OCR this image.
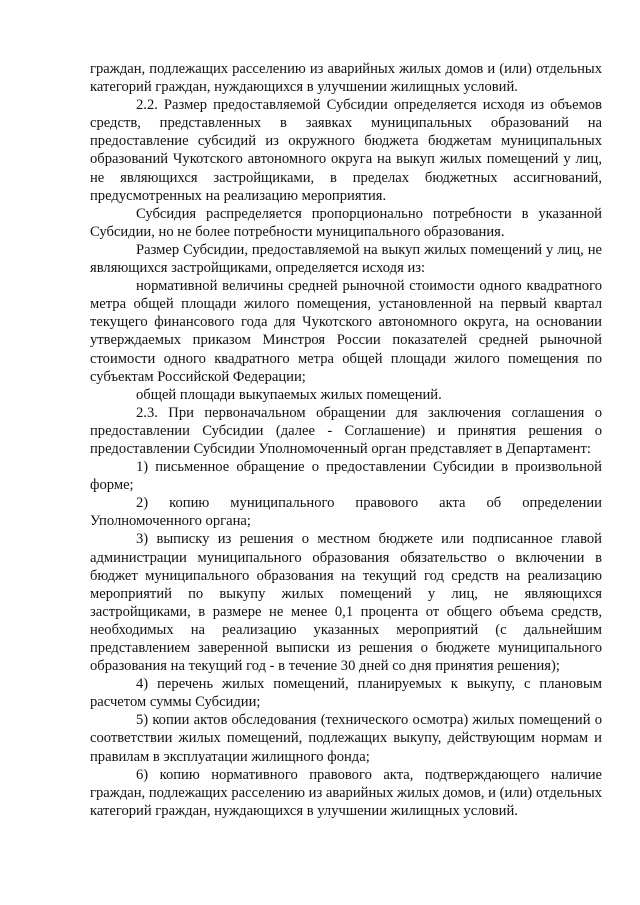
граждан, подлежащих расселению из аварийных жилых домов и (или) отдельных категорий граждан, нуждающихся в улучшении жилищных условий.

2.2. Размер предоставляемой Субсидии определяется исходя из объемов средств, представленных в заявках муниципальных образований на предоставление субсидий из окружного бюджета бюджетам муниципальных образований Чукотского автономного округа на выкуп жилых помещений у лиц, не являющихся застройщиками, в пределах бюджетных ассигнований, предусмотренных на реализацию мероприятия.

Субсидия распределяется пропорционально потребности в указанной Субсидии, но не более потребности муниципального образования.

Размер Субсидии, предоставляемой на выкуп жилых помещений у лиц, не являющихся застройщиками, определяется исходя из:

нормативной величины средней рыночной стоимости одного квадратного метра общей площади жилого помещения, установленной на первый квартал текущего финансового года для Чукотского автономного округа, на основании утверждаемых приказом Минстроя России показателей средней рыночной стоимости одного квадратного метра общей площади жилого помещения по субъектам Российской Федерации;

общей площади выкупаемых жилых помещений.

2.3. При первоначальном обращении для заключения соглашения о предоставлении Субсидии (далее - Соглашение) и принятия решения о предоставлении Субсидии Уполномоченный орган представляет в Департамент:

1) письменное обращение о предоставлении Субсидии в произвольной форме;

2) копию муниципального правового акта об определении Уполномоченного органа;

3) выписку из решения о местном бюджете или подписанное главой администрации муниципального образования обязательство о включении в бюджет муниципального образования на текущий год средств на реализацию мероприятий по выкупу жилых помещений у лиц, не являющихся застройщиками, в размере не менее 0,1 процента от общего объема средств, необходимых на реализацию указанных мероприятий (с дальнейшим представлением заверенной выписки из решения о бюджете муниципального образования на текущий год - в течение 30 дней со дня принятия решения);

4) перечень жилых помещений, планируемых к выкупу, с плановым расчетом суммы Субсидии;

5) копии актов обследования (технического осмотра) жилых помещений о соответствии жилых помещений, подлежащих выкупу, действующим нормам и правилам в эксплуатации жилищного фонда;

6) копию нормативного правового акта, подтверждающего наличие граждан, подлежащих расселению из аварийных жилых домов, и (или) отдельных категорий граждан, нуждающихся в улучшении жилищных условий.
